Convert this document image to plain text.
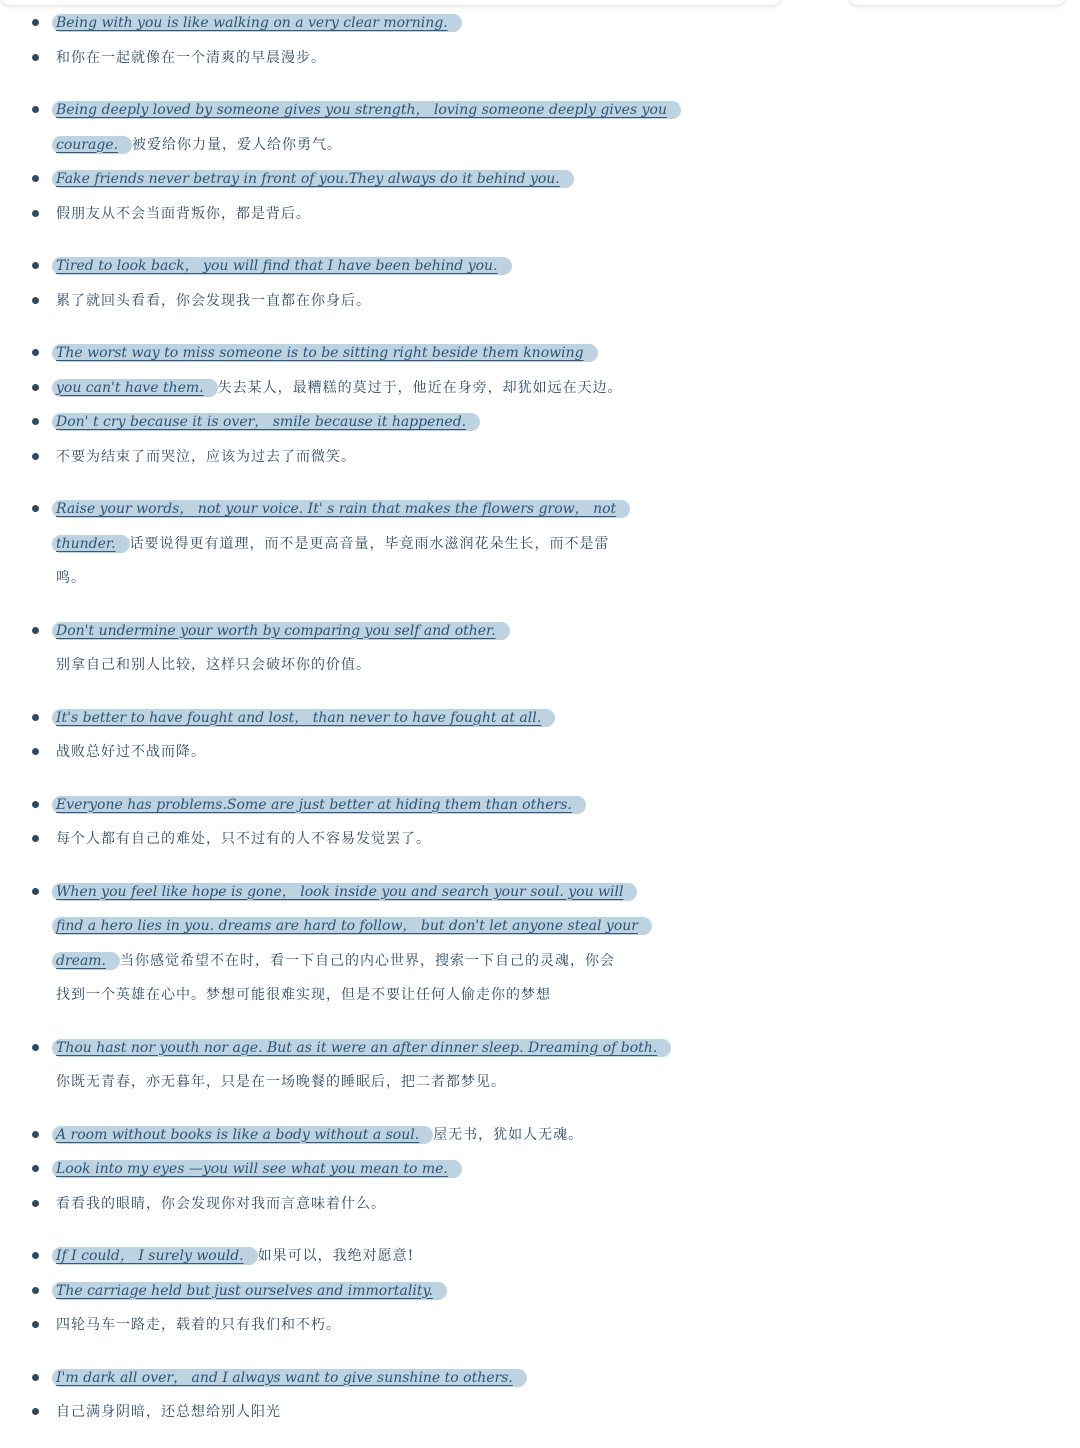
Being with you is like walking on a very clear morning.
和你在一起就像在一个清爽的早晨漫步。
Being deeply loved by someone gives you strength， loving someone deeply gives you
courage. 被爱给你力量，爱人给你勇气。
Fake friends never betray in front of you.They always do it behind you.
假朋友从不会当面背叛你，都是背后。
Tired to look back， you will find that I have been behind you.
累了就回头看看，你会发现我一直都在你身后。
The worst way to miss someone is to be sitting right beside them knowing
you can't have them. 失去某人，最糟糕的莫过于，他近在身旁，却犹如远在天边。
Don' t cry because it is over， smile because it happened.
不要为结束了而哭泣，应该为过去了而微笑。
Raise your words， not your voice. It' s rain that makes the flowers grow， not
thunder. 话要说得更有道理，而不是更高音量，毕竟雨水滋润花朵生长，而不是雷
鸣。
Don't undermine your worth by comparing you self and other.
别拿自己和别人比较，这样只会破坏你的价值。
It's better to have fought and lost， than never to have fought at all.
战败总好过不战而降。
Everyone has problems.Some are just better at hiding them than others.
每个人都有自己的难处，只不过有的人不容易发觉罢了。
When you feel like hope is gone， look inside you and search your soul. you will
find a hero lies in you. dreams are hard to follow， but don't let anyone steal your
dream. 当你感觉希望不在时，看一下自己的内心世界，搜索一下自己的灵魂，你会
找到一个英雄在心中。梦想可能很难实现，但是不要让任何人偷走你的梦想
Thou hast nor youth nor age. But as it were an after dinner sleep. Dreaming of both.
你既无青春，亦无暮年，只是在一场晚餐的睡眠后，把二者都梦见。
A room without books is like a body without a soul. 屋无书，犹如人无魂。
Look into my eyes —you will see what you mean to me.
看看我的眼睛，你会发现你对我而言意味着什么。
If I could， I surely would. 如果可以，我绝对愿意!
The carriage held but just ourselves and immortality.
四轮马车一路走，载着的只有我们和不朽。
I'm dark all over， and I always want to give sunshine to others.
自己满身阴暗，还总想给别人阳光
